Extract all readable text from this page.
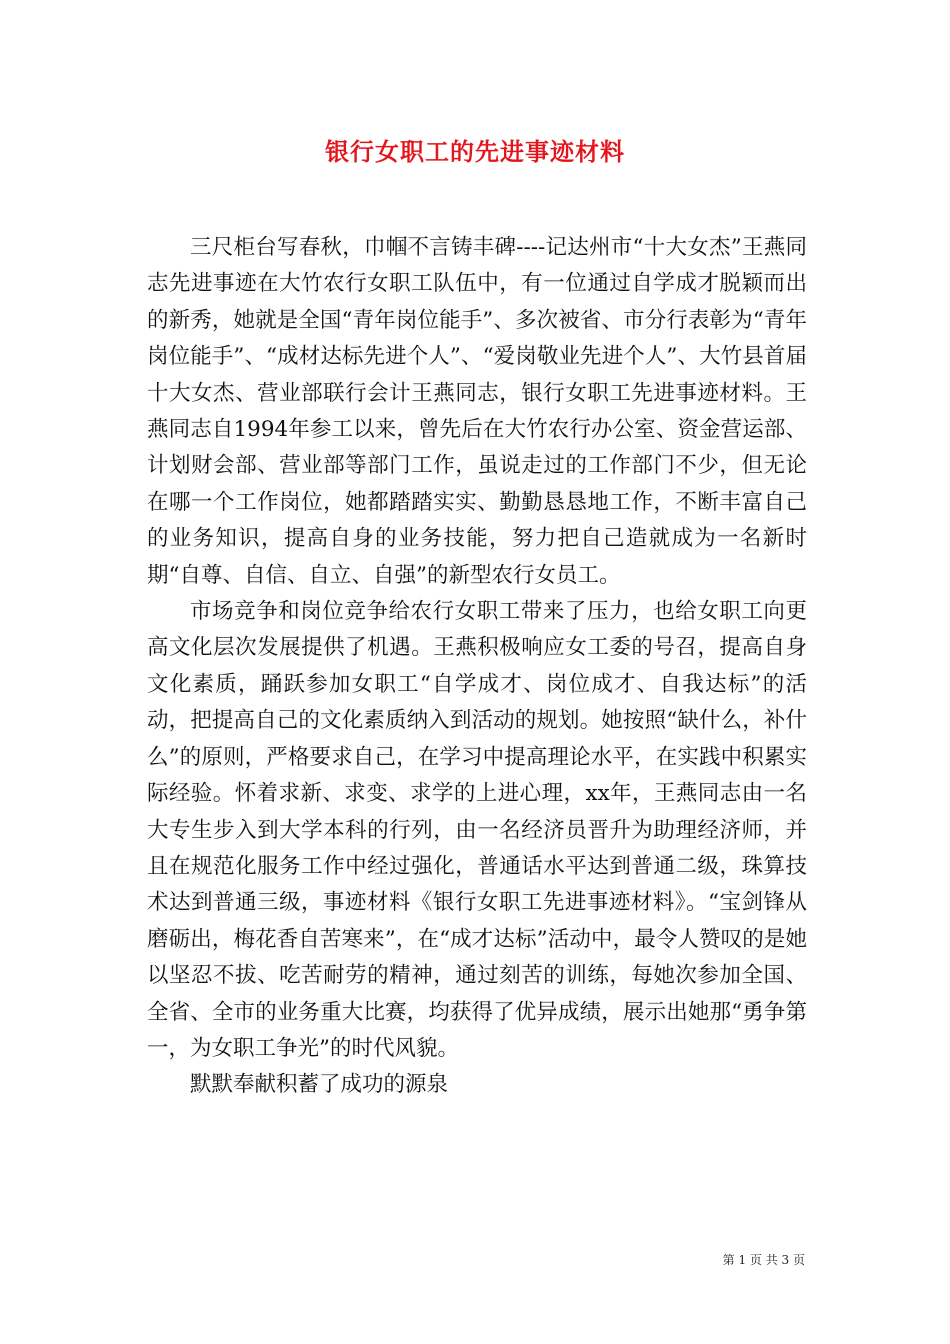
银行女职工的先进事迹材料

三尺柜台写春秋，巾帼不言铸丰碑----记达州市“十大女杰”王燕同志先进事迹在大竹农行女职工队伍中，有一位通过自学成才脱颖而出的新秀，她就是全国“青年岗位能手”、多次被省、市分行表彰为“青年岗位能手”、“成材达标先进个人”、“爱岗敬业先进个人”、大竹县首届十大女杰、营业部联行会计王燕同志，银行女职工先进事迹材料。王燕同志自1994年参工以来，曾先后在大竹农行办公室、资金营运部、计划财会部、营业部等部门工作，虽说走过的工作部门不少，但无论在哪一个工作岗位，她都踏踏实实、勤勤恳恳地工作，不断丰富自己的业务知识，提高自身的业务技能，努力把自己造就成为一名新时期“自尊、自信、自立、自强”的新型农行女员工。

市场竞争和岗位竞争给农行女职工带来了压力，也给女职工向更高文化层次发展提供了机遇。王燕积极响应女工委的号召，提高自身文化素质，踊跃参加女职工“自学成才、岗位成才、自我达标”的活动，把提高自己的文化素质纳入到活动的规划。她按照“缺什么，补什么”的原则，严格要求自己，在学习中提高理论水平，在实践中积累实际经验。怀着求新、求变、求学的上进心理，xx年，王燕同志由一名大专生步入到大学本科的行列，由一名经济员晋升为助理经济师，并且在规范化服务工作中经过强化，普通话水平达到普通二级，珠算技术达到普通三级，事迹材料《银行女职工先进事迹材料》。“宝剑锋从磨砺出，梅花香自苦寒来”，在“成才达标”活动中，最令人赞叹的是她以坚忍不拔、吃苦耐劳的精神，通过刻苦的训练，每她次参加全国、全省、全市的业务重大比赛，均获得了优异成绩，展示出她那“勇争第一，为女职工争光”的时代风貌。

默默奉献积蓄了成功的源泉

第 1 页 共 3 页
